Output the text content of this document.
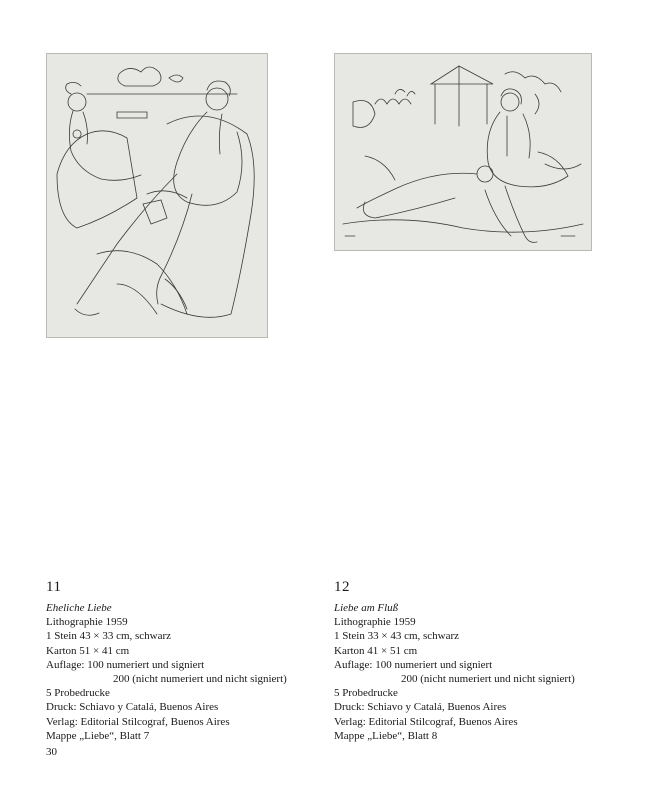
11
Eheliche Liebe
Lithographie 1959
1 Stein 43 × 33 cm, schwarz
Karton 51 × 41 cm
Auflage: 100 numeriert und signiert
200 (nicht numeriert und nicht signiert)
5 Probedrucke
Druck: Schiavo y Catalá, Buenos Aires
Verlag: Editorial Stilcograf, Buenos Aires
Mappe „Liebe“, Blatt 7
12
Liebe am Fluß
Lithographie 1959
1 Stein 33 × 43 cm, schwarz
Karton 41 × 51 cm
Auflage: 100 numeriert und signiert
200 (nicht numeriert und nicht signiert)
5 Probedrucke
Druck: Schiavo y Catalá, Buenos Aires
Verlag: Editorial Stilcograf, Buenos Aires
Mappe „Liebe“, Blatt 8
30
